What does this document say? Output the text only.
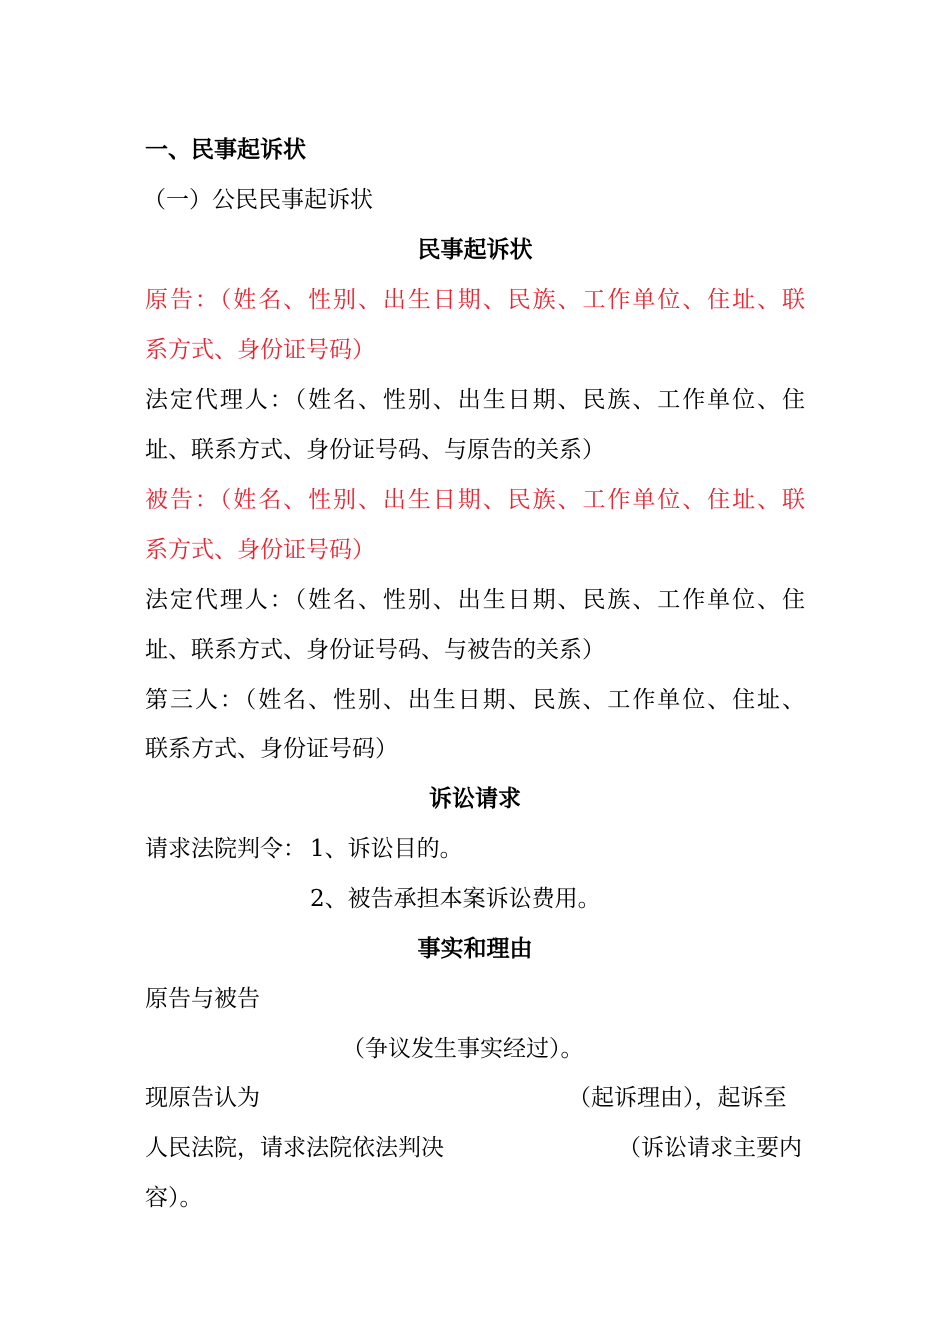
一、民事起诉状
（一）公民民事起诉状
民事起诉状
原告：（姓名、性别、出生日期、民族、工作单位、住址、联
系方式、身份证号码）
法定代理人：（姓名、性别、出生日期、民族、工作单位、住
址、联系方式、身份证号码、与原告的关系）
被告：（姓名、性别、出生日期、民族、工作单位、住址、联
系方式、身份证号码）
法定代理人：（姓名、性别、出生日期、民族、工作单位、住
址、联系方式、身份证号码、与被告的关系）
第三人：（姓名、性别、出生日期、民族、工作单位、住址、
联系方式、身份证号码）
诉讼请求
请求法院判令： 1、诉讼目的。
2、被告承担本案诉讼费用。
事实和理由
原告与被告
（争议发生事实经过）。
现原告认为	（起诉理由），起诉至
人民法院，请求法院依法判决	（诉讼请求主要内
容）。
